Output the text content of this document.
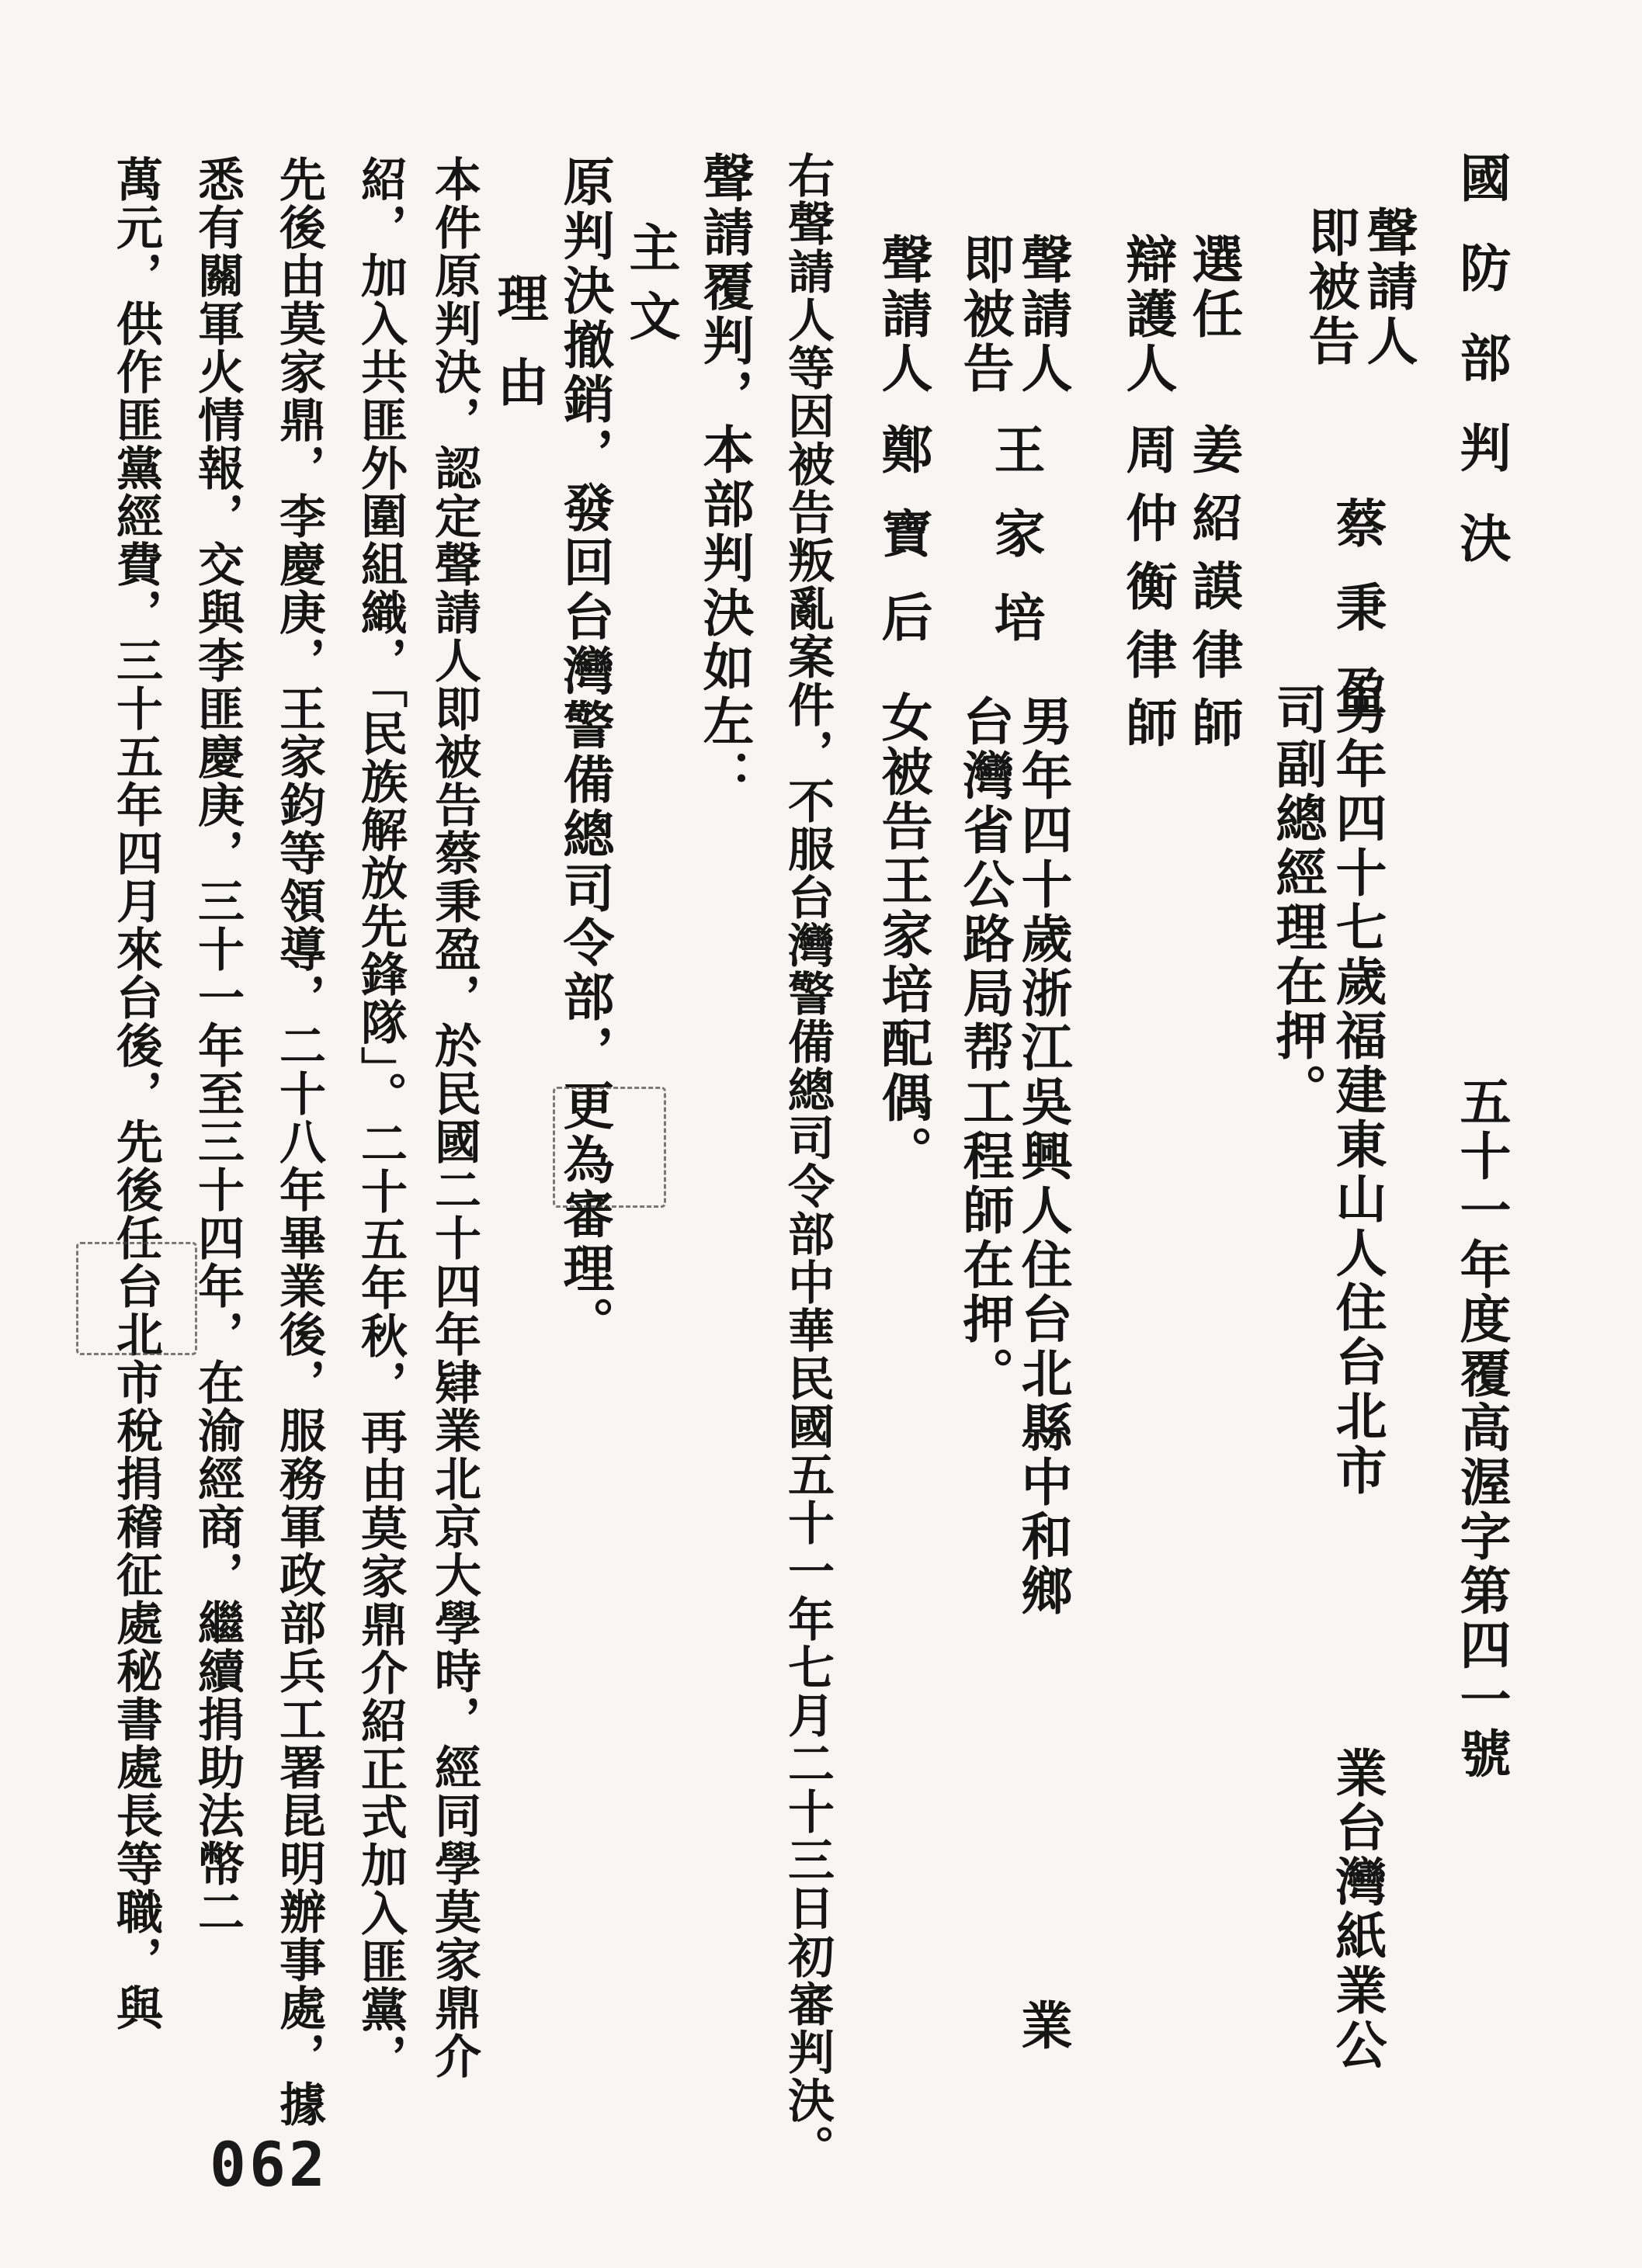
國防部判決
五十一年度覆高渥字第四一號
聲請人
即被告
蔡秉盈
男年四十七歲福建東山人住台北市
司副總經理在押。
業台灣紙業公
選任
辯護人
姜紹謨律師
周仲衡律師
聲請人
即被告
王家培
男年四十歲浙江吳興人住台北縣中和鄉
台灣省公路局帮工程師在押。
業
聲請人
鄭寶后
女被告王家培配偶。
右聲請人等因被告叛亂案件，不服台灣警備總司令部中華民國五十一年七月二十三日初審判決。
聲請覆判，本部判決如左：
主文
原判決撤銷，發回台灣警備總司令部，更為審理。
理由
本件原判決，認定聲請人即被告蔡秉盈，於民國二十四年肄業北京大學時，經同學莫家鼎介
紹，加入共匪外圍組織，「民族解放先鋒隊」。二十五年秋，再由莫家鼎介紹正式加入匪黨，
先後由莫家鼎，李慶庚，王家鈞等領導，二十八年畢業後，服務軍政部兵工署昆明辦事處，據
悉有關軍火情報，交與李匪慶庚，三十一年至三十四年，在渝經商，繼續捐助法幣二
萬元，供作匪黨經費，三十五年四月來台後，先後任台北市稅捐稽征處秘書處長等職，與
062
